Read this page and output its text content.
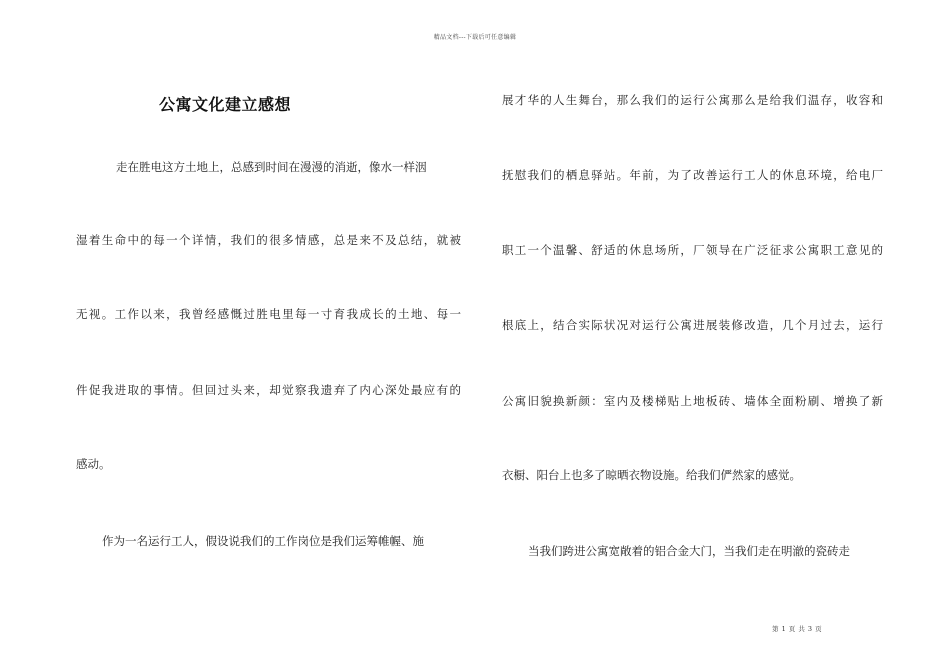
精品文档---下载后可任意编辑
公寓文化建立感想
走在胜电这方土地上，总感到时间在漫漫的消逝，像水一样洇
湿着生命中的每一个详情，我们的很多情感，总是来不及总结，就被
无视。工作以来，我曾经感慨过胜电里每一寸育我成长的土地、每一
件促我进取的事情。但回过头来，却觉察我遗弃了内心深处最应有的
感动。
作为一名运行工人，假设说我们的工作岗位是我们运筹帷幄、施
展才华的人生舞台，那么我们的运行公寓那么是给我们温存，收容和
抚慰我们的栖息驿站。年前，为了改善运行工人的休息环境，给电厂
职工一个温馨、舒适的休息场所，厂领导在广泛征求公寓职工意见的
根底上，结合实际状况对运行公寓进展装修改造，几个月过去，运行
公寓旧貌换新颜：室内及楼梯贴上地板砖、墙体全面粉刷、增换了新
衣橱、阳台上也多了晾晒衣物设施。给我们俨然家的感觉。
当我们跨进公寓宽敞着的铝合金大门，当我们走在明澈的瓷砖走
第 1 页 共 3 页
